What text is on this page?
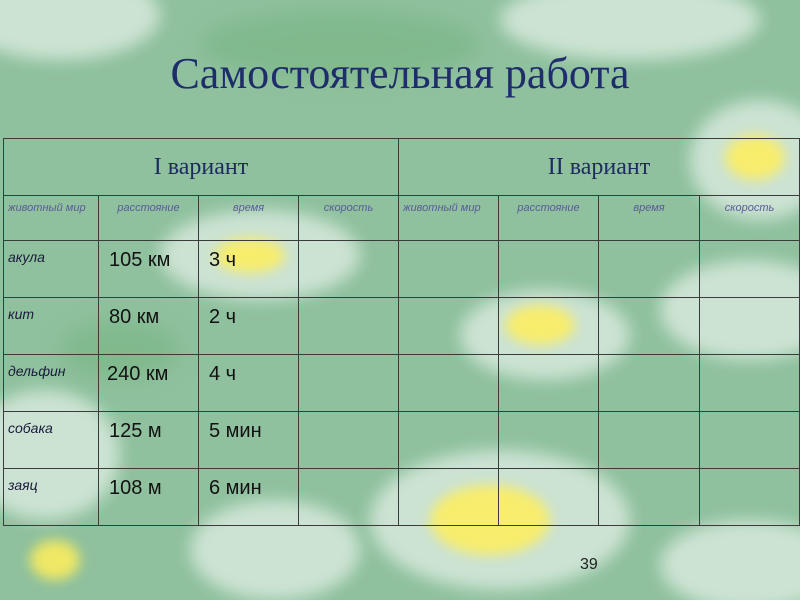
Самостоятельная работа
I вариант				II вариант			
животный мир	расстояние	время	скорость	животный мир	расстояние	время	скорость
акула	105 км	3 ч					
кит	80 км	2 ч					
дельфин	240 км	4 ч					
собака	125 м	5 мин					
заяц	108 м	6 мин					
39
